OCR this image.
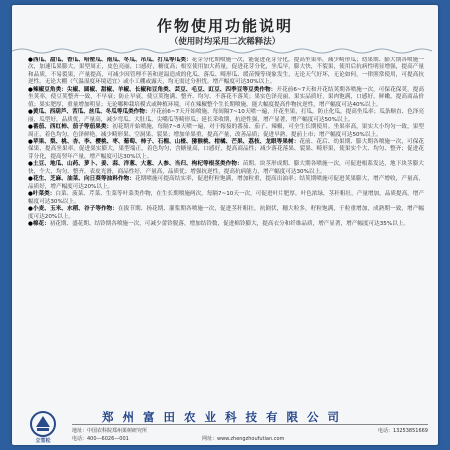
作物使用功能说明
（使用时均采用二次稀释法）

●西瓜、甜瓜、香瓜、哈密瓜、南瓜、冬瓜、吊瓜、打瓜等瓜类：花芽分化期喷施一次，能促进花芽分化，提高坐果率，减少畸形瓜；幼果期、膨大期各喷施一次，加速瓜果膨大，果型周正，皮色亮丽，口感好，糖度高；根室使用加大药量，促进花芽分化，坐瓜早，膨大快，不裂果，使用后抗病性明显增强，提高产量和品质，不易裂果，产量提高，可减少因管理不善和逆温造成的化瓜、落瓜、畸形瓜、缓苗慢等现象发生，无论天气好坏，无论如何，一律照常使用，可提高抗逆性。无论大棚（气温湿度环境适宜）或小工棚或露天，均无需过分担忧。增产幅度可达30%以上。

●辣椒豆角类：尖椒、圆椒、甜椒、羊椒、长椒和豆角类、芸豆、毛豆、豇豆、四季豆等豆类作物：开花前6~7天和开花结荚期各喷施一次，可保花保荚，提高坐荚率，使豆荚整齐一致，不早衰；防止早衰，使豆荚饱满、整齐、均匀、不落花不落荚；果实色泽亮丽，果实品质好，果肉饱满，口感好，鲜嫩，提高商品价值；果实肥厚，重量增加明显；无论哪种栽培模式或种植环境，可在辣椒整个生长期喷施，能大幅度提高作物抗逆性，增产幅度可达40%以上。

●黄瓜、西葫芦、苦瓜、丝瓜、冬瓜等瓜类作物：开花前6~7天开始喷施，每间隔7~10天喷一遍，开花坐果，打瓜，防止化瓜，提高坐瓜率；瓜条顺直、色泽亮丽，瓜型好，品质优，产量高，减少弯瓜、大肚瓜、尖嘴瓜等畸形瓜；延长采收期，抗逆性强，增产显著，增产幅度可达50%以上。

●番茄、西红柿、茄子等茄果类：初花期开始喷施，每隔7~8天喷一遍，对于嫁接的番茄、茄子、辣椒，可全生长期使用。坐果率高，果实大小均匀一致，果型周正，着色均匀，色泽鲜艳，减少畸形果、空洞果、裂果；增加单果重，提高产量，改善品质；促进早熟，提前上市；增产幅度可达50%以上。

●苹果、梨、桃、杏、李、樱桃、枣、葡萄、柿子、石榴、山楂、猕猴桃、柑橘、芒果、荔枝、龙眼等果树：花前、花后、幼果期、膨大期各喷施一次，可保花保果，提高坐果率，促进果实膨大，果型端正，着色均匀，含糖量高，口感好，提高商品性；减少落花落果、裂果、畸形果，使果实个大、均匀、整齐；促进花芽分化，提高翌年产量，增产幅度可达30%以上。

●土豆、地瓜、山药、萝卜、姜、蒜、洋葱、大葱、人参、当归、枸杞等根茎类作物：苗期、块茎形成期、膨大期各喷施一次，可促进根系发达，地下块茎膨大快，个大、均匀、整齐，表皮光滑，商品性好，产量高，品质优；增强抗逆性，提高抗病能力，增产幅度可达30%以上。

●花生、芝麻、油菜、向日葵等油料作物：花期喷施可提高结实率，促进籽粒饱满，增加粒重，提高出油率；结荚期喷施可促进荚果膨大，增产增收，产量高，品质好，增产幅度可达20%以上。

●叶菜类：白菜、菠菜、芹菜、生菜等叶菜类作物，在生长期喷施两次，每隔7~10天一次，可促进叶片肥厚，叶色浓绿，茎秆粗壮，产量增加，品质提高，增产幅度可达30%以上。

●小麦、玉米、水稻、谷子等作物：在拔节期、扬花期、灌浆期各喷施一次，促进茎秆粗壮，抗倒伏，穗大粒多，籽粒饱满，千粒重增加，成熟期一致，增产幅度可达20%以上。

●棉花：初花期、盛花期、结铃期各喷施一次，可减少蕾铃脱落，增加结铃数，促进棉铃膨大，提高衣分和纤维品质，增产显著，增产幅度可达35%以上。

立雪松
郑 州 富 田 农 业 科 技 有 限 公 司
地址：中国农科院郑州果树研究所	电话：13253851669
电话：400—6026—001	网址：www.zhengzhoufutian.com
